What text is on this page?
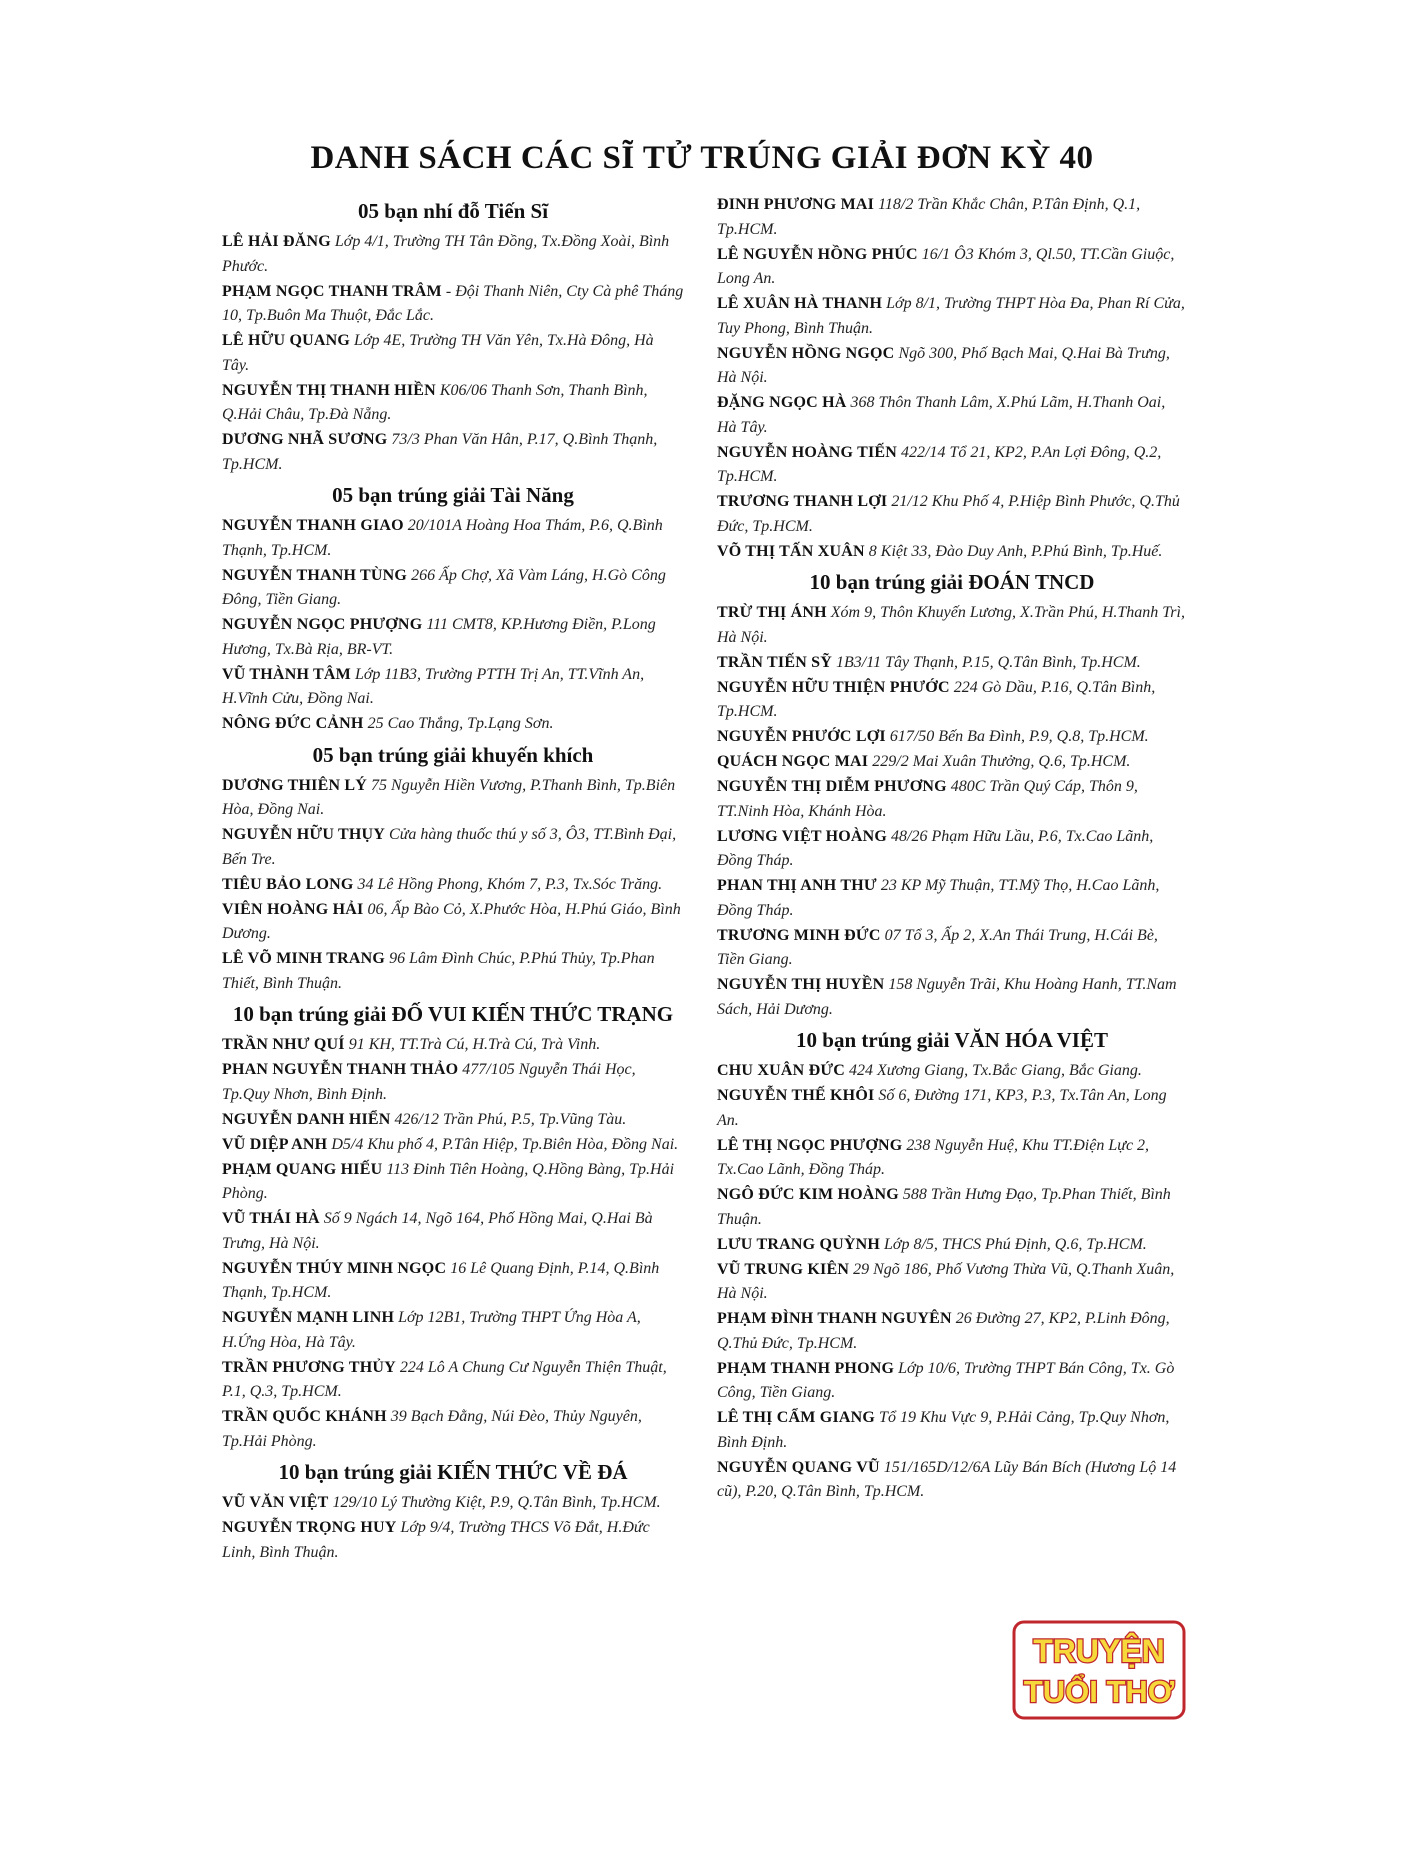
DANH SÁCH CÁC SĨ TỬ TRÚNG GIẢI ĐƠN KỲ 40
05 bạn nhí đỗ Tiến Sĩ
LÊ HẢI ĐĂNG Lớp 4/1, Trường TH Tân Đồng, Tx.Đồng Xoài, Bình Phước.
PHẠM NGỌC THANH TRÂM - Đội Thanh Niên, Cty Cà phê Tháng 10, Tp.Buôn Ma Thuột, Đắc Lắc.
LÊ HỮU QUANG Lớp 4E, Trường TH Văn Yên, Tx.Hà Đông, Hà Tây.
NGUYỄN THỊ THANH HIỀN K06/06 Thanh Sơn, Thanh Bình, Q.Hải Châu, Tp.Đà Nẵng.
DƯƠNG NHÃ SƯƠNG 73/3 Phan Văn Hân, P.17, Q.Bình Thạnh, Tp.HCM.
05 bạn trúng giải Tài Năng
NGUYỄN THANH GIAO 20/101A Hoàng Hoa Thám, P.6, Q.Bình Thạnh, Tp.HCM.
NGUYỄN THANH TÙNG 266 Ấp Chợ, Xã Vàm Láng, H.Gò Công Đông, Tiền Giang.
NGUYỄN NGỌC PHƯỢNG 111 CMT8, KP.Hương Điền, P.Long Hương, Tx.Bà Rịa, BR-VT.
VŨ THÀNH TÂM Lớp 11B3, Trường PTTH Trị An, TT.Vĩnh An, H.Vĩnh Cửu, Đồng Nai.
NÔNG ĐỨC CẢNH 25 Cao Thắng, Tp.Lạng Sơn.
05 bạn trúng giải khuyến khích
DƯƠNG THIÊN LÝ 75 Nguyễn Hiền Vương, P.Thanh Bình, Tp.Biên Hòa, Đồng Nai.
NGUYỄN HỮU THỤY Cửa hàng thuốc thú y số 3, Ô3, TT.Bình Đại, Bến Tre.
TIÊU BẢO LONG 34 Lê Hồng Phong, Khóm 7, P.3, Tx.Sóc Trăng.
VIÊN HOÀNG HẢI 06, Ấp Bào Cỏ, X.Phước Hòa, H.Phú Giáo, Bình Dương.
LÊ VÕ MINH TRANG 96 Lâm Đình Chúc, P.Phú Thủy, Tp.Phan Thiết, Bình Thuận.
10 bạn trúng giải ĐỐ VUI KIẾN THỨC TRẠNG
TRẦN NHƯ QUÍ 91 KH, TT.Trà Cú, H.Trà Cú, Trà Vinh.
PHAN NGUYỄN THANH THẢO 477/105 Nguyễn Thái Học, Tp.Quy Nhơn, Bình Định.
NGUYỄN DANH HIỂN 426/12 Trần Phú, P.5, Tp.Vũng Tàu.
VŨ DIỆP ANH D5/4 Khu phố 4, P.Tân Hiệp, Tp.Biên Hòa, Đồng Nai.
PHẠM QUANG HIẾU 113 Đinh Tiên Hoàng, Q.Hồng Bàng, Tp.Hải Phòng.
VŨ THÁI HÀ Số 9 Ngách 14, Ngõ 164, Phố Hồng Mai, Q.Hai Bà Trưng, Hà Nội.
NGUYỄN THÚY MINH NGỌC 16 Lê Quang Định, P.14, Q.Bình Thạnh, Tp.HCM.
NGUYỄN MẠNH LINH Lớp 12B1, Trường THPT Ứng Hòa A, H.Ứng Hòa, Hà Tây.
TRẦN PHƯƠNG THỦY 224 Lô A Chung Cư Nguyễn Thiện Thuật, P.1, Q.3, Tp.HCM.
TRẦN QUỐC KHÁNH 39 Bạch Đằng, Núi Đèo, Thủy Nguyên, Tp.Hải Phòng.
10 bạn trúng giải KIẾN THỨC VỀ ĐÁ
VŨ VĂN VIỆT 129/10 Lý Thường Kiệt, P.9, Q.Tân Bình, Tp.HCM.
NGUYỄN TRỌNG HUY Lớp 9/4, Trường THCS Võ Đắt, H.Đức Linh, Bình Thuận.
ĐINH PHƯƠNG MAI 118/2 Trần Khắc Chân, P.Tân Định, Q.1, Tp.HCM.
LÊ NGUYỄN HỒNG PHÚC 16/1 Ô3 Khóm 3, Ql.50, TT.Cần Giuộc, Long An.
LÊ XUÂN HÀ THANH Lớp 8/1, Trường THPT Hòa Đa, Phan Rí Cửa, Tuy Phong, Bình Thuận.
NGUYỄN HỒNG NGỌC Ngõ 300, Phố Bạch Mai, Q.Hai Bà Trưng, Hà Nội.
ĐẶNG NGỌC HÀ 368 Thôn Thanh Lâm, X.Phú Lãm, H.Thanh Oai, Hà Tây.
NGUYỄN HOÀNG TIẾN 422/14 Tổ 21, KP2, P.An Lợi Đông, Q.2, Tp.HCM.
TRƯƠNG THANH LỢI 21/12 Khu Phố 4, P.Hiệp Bình Phước, Q.Thủ Đức, Tp.HCM.
VÕ THỊ TẤN XUÂN 8 Kiệt 33, Đào Duy Anh, P.Phú Bình, Tp.Huế.
10 bạn trúng giải ĐOÁN TNCD
TRỪ THỊ ÁNH Xóm 9, Thôn Khuyến Lương, X.Trần Phú, H.Thanh Trì, Hà Nội.
TRẦN TIẾN SỸ 1B3/11 Tây Thạnh, P.15, Q.Tân Bình, Tp.HCM.
NGUYỄN HỮU THIỆN PHƯỚC 224 Gò Dầu, P.16, Q.Tân Bình, Tp.HCM.
NGUYỄN PHƯỚC LỢI 617/50 Bến Ba Đình, P.9, Q.8, Tp.HCM.
QUÁCH NGỌC MAI 229/2 Mai Xuân Thưởng, Q.6, Tp.HCM.
NGUYỄN THỊ DIỄM PHƯƠNG 480C Trần Quý Cáp, Thôn 9, TT.Ninh Hòa, Khánh Hòa.
LƯƠNG VIỆT HOÀNG 48/26 Phạm Hữu Lầu, P.6, Tx.Cao Lãnh, Đồng Tháp.
PHAN THỊ ANH THƯ 23 KP Mỹ Thuận, TT.Mỹ Thọ, H.Cao Lãnh, Đồng Tháp.
TRƯƠNG MINH ĐỨC 07 Tổ 3, Ấp 2, X.An Thái Trung, H.Cái Bè, Tiền Giang.
NGUYỄN THỊ HUYỀN 158 Nguyễn Trãi, Khu Hoàng Hanh, TT.Nam Sách, Hải Dương.
10 bạn trúng giải VĂN HÓA VIỆT
CHU XUÂN ĐỨC 424 Xương Giang, Tx.Bắc Giang, Bắc Giang.
NGUYỄN THẾ KHÔI Số 6, Đường 171, KP3, P.3, Tx.Tân An, Long An.
LÊ THỊ NGỌC PHƯỢNG 238 Nguyễn Huệ, Khu TT.Điện Lực 2, Tx.Cao Lãnh, Đồng Tháp.
NGÔ ĐỨC KIM HOÀNG 588 Trần Hưng Đạo, Tp.Phan Thiết, Bình Thuận.
LƯU TRANG QUỲNH Lớp 8/5, THCS Phú Định, Q.6, Tp.HCM.
VŨ TRUNG KIÊN 29 Ngõ 186, Phố Vương Thừa Vũ, Q.Thanh Xuân, Hà Nội.
PHẠM ĐÌNH THANH NGUYÊN 26 Đường 27, KP2, P.Linh Đông, Q.Thủ Đức, Tp.HCM.
PHẠM THANH PHONG Lớp 10/6, Trường THPT Bán Công, Tx. Gò Công, Tiền Giang.
LÊ THỊ CẨM GIANG Tổ 19 Khu Vực 9, P.Hải Cảng, Tp.Quy Nhơn, Bình Định.
NGUYỄN QUANG VŨ 151/165D/12/6A Lũy Bán Bích (Hương Lộ 14 cũ), P.20, Q.Tân Bình, Tp.HCM.
TRUYỆN
TUỔI THƠ
